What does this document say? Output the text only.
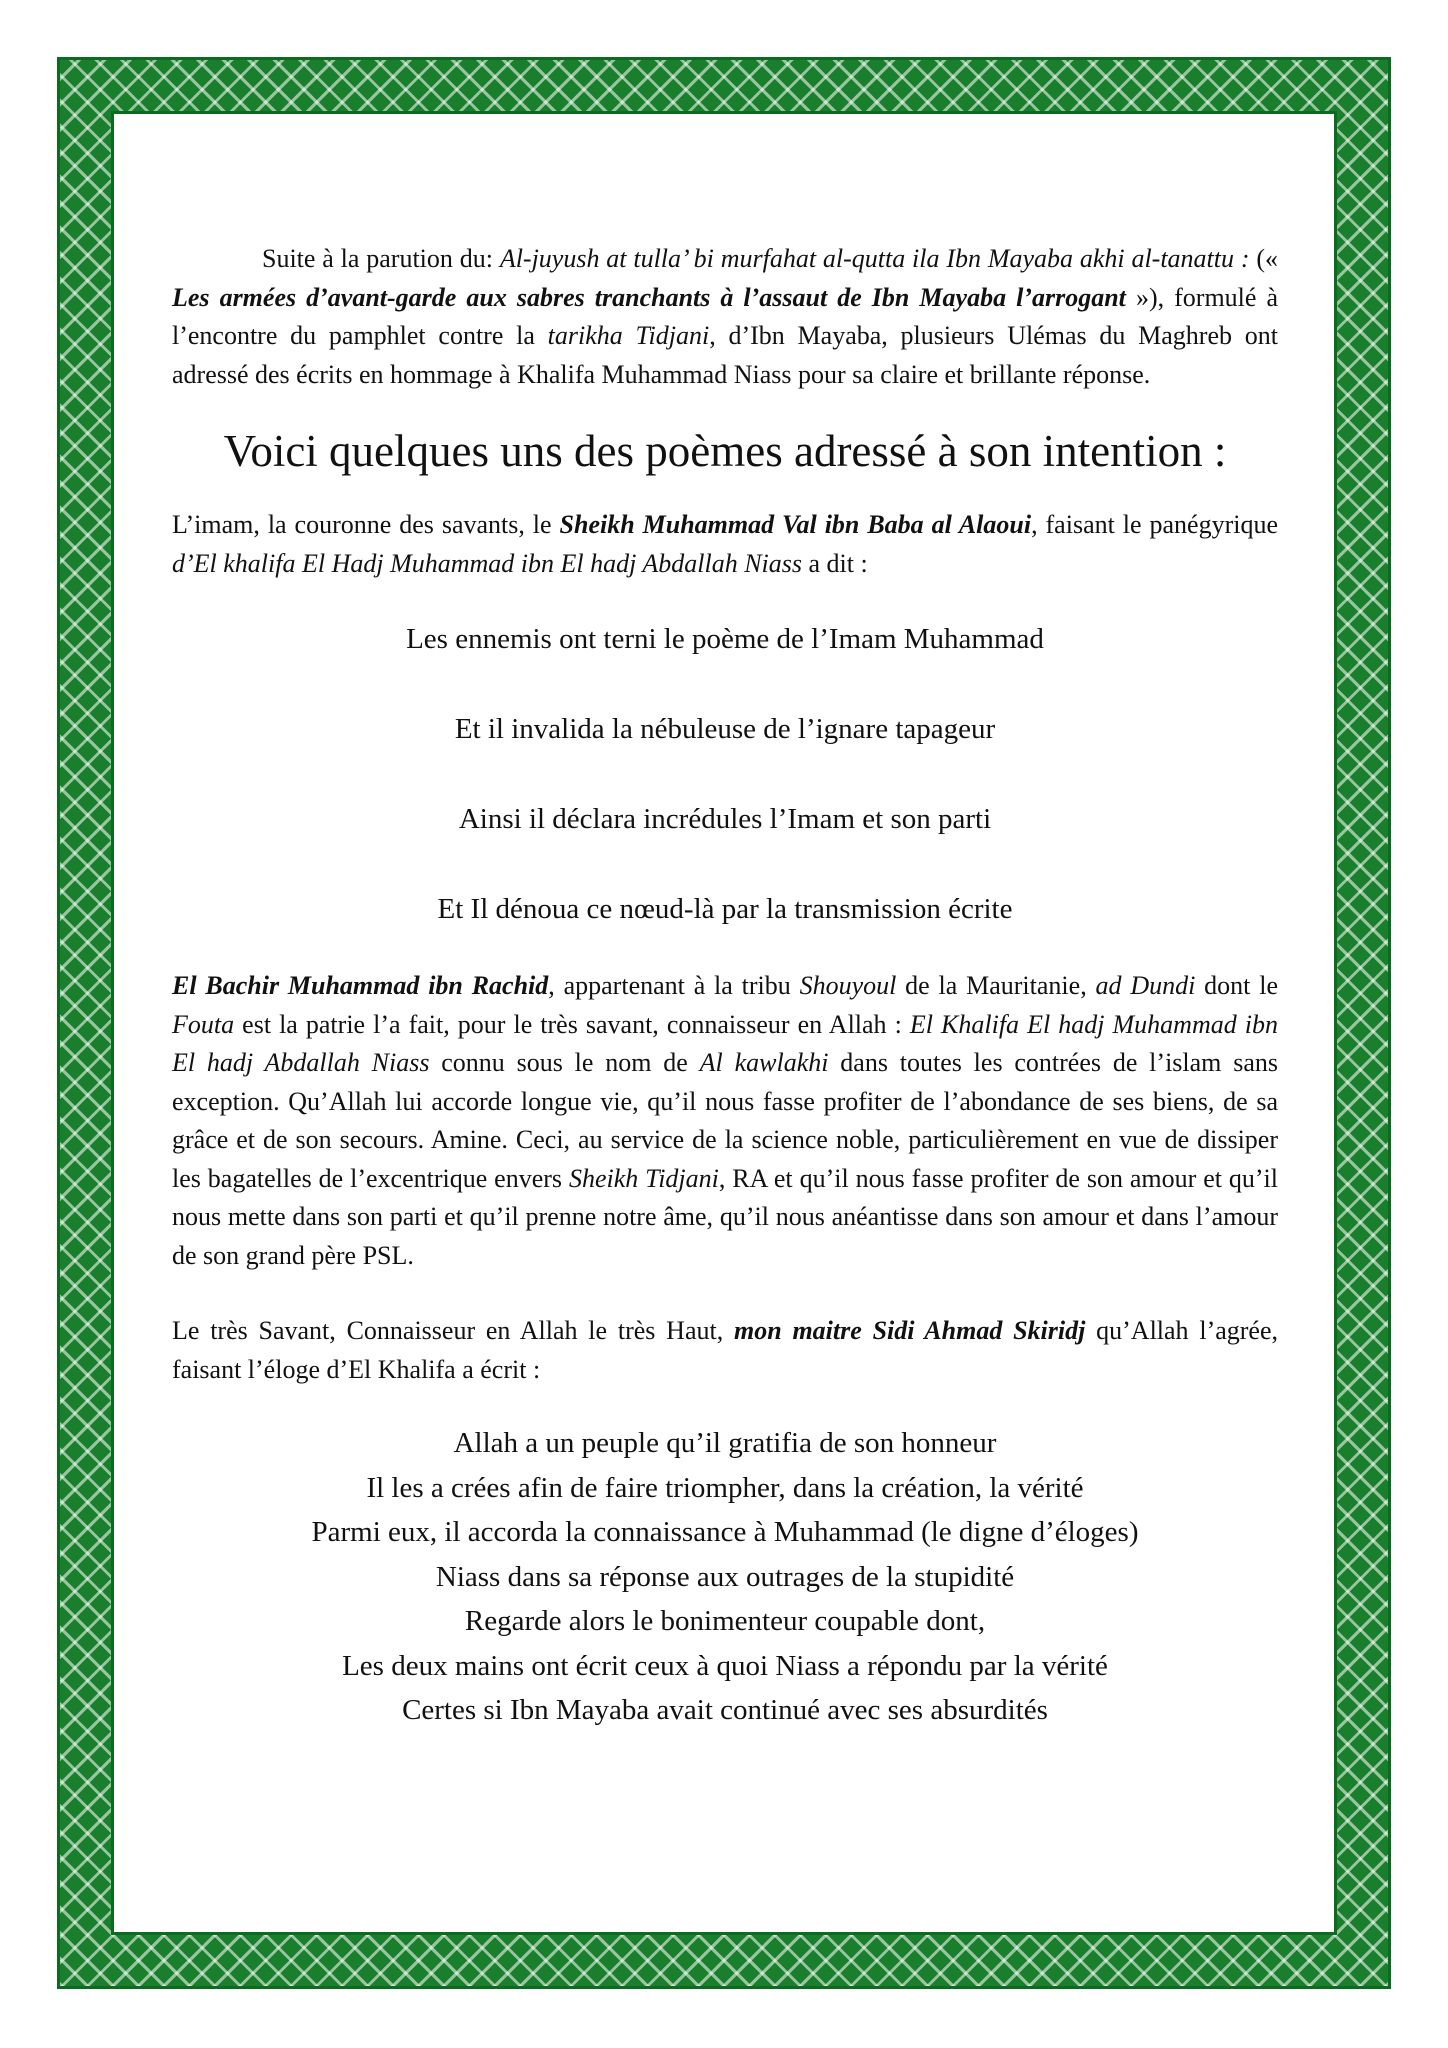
Suite à la parution du: Al-juyush at tulla’ bi murfahat al-qutta ila Ibn Mayaba akhi al-tanattu : (« Les armées d’avant-garde aux sabres tranchants à l’assaut de Ibn Mayaba l’arrogant »), formulé à l’encontre du pamphlet contre la tarikha Tidjani, d’Ibn Mayaba, plusieurs Ulémas du Maghreb ont adressé des écrits en hommage à Khalifa Muhammad Niass pour sa claire et brillante réponse.

Voici quelques uns des poèmes adressé à son intention :

L’imam, la couronne des savants, le Sheikh Muhammad Val ibn Baba al Alaoui, faisant le panégyrique d’El khalifa El Hadj Muhammad ibn El hadj Abdallah Niass a dit :

Les ennemis ont terni le poème de l’Imam Muhammad

Et il invalida la nébuleuse de l’ignare tapageur

Ainsi il déclara incrédules l’Imam et son parti

Et Il dénoua ce nœud-là par la transmission écrite

El Bachir Muhammad ibn Rachid, appartenant à la tribu Shouyoul de la Mauritanie, ad Dundi dont le Fouta est la patrie l’a fait, pour le très savant, connaisseur en Allah : El Khalifa El hadj Muhammad ibn El hadj Abdallah Niass connu sous le nom de Al kawlakhi dans toutes les contrées de l’islam sans exception. Qu’Allah lui accorde longue vie, qu’il nous fasse profiter de l’abondance de ses biens, de sa grâce et de son secours. Amine. Ceci, au service de la science noble, particulièrement en vue de dissiper les bagatelles de l’excentrique envers Sheikh Tidjani, RA et qu’il nous fasse profiter de son amour et qu’il nous mette dans son parti et qu’il prenne notre âme, qu’il nous anéantisse dans son amour et dans l’amour de son grand père PSL.

Le très Savant, Connaisseur en Allah le très Haut, mon maitre Sidi Ahmad Skiridj qu’Allah l’agrée, faisant l’éloge d’El Khalifa a écrit :

Allah a un peuple qu’il gratifia de son honneur
Il les a crées afin de faire triompher, dans la création, la vérité
Parmi eux, il accorda la connaissance à Muhammad (le digne d’éloges)
Niass dans sa réponse aux outrages de la stupidité
Regarde alors le bonimenteur coupable dont,
Les deux mains ont écrit ceux à quoi Niass a répondu par la vérité
Certes si Ibn Mayaba avait continué avec ses absurdités
